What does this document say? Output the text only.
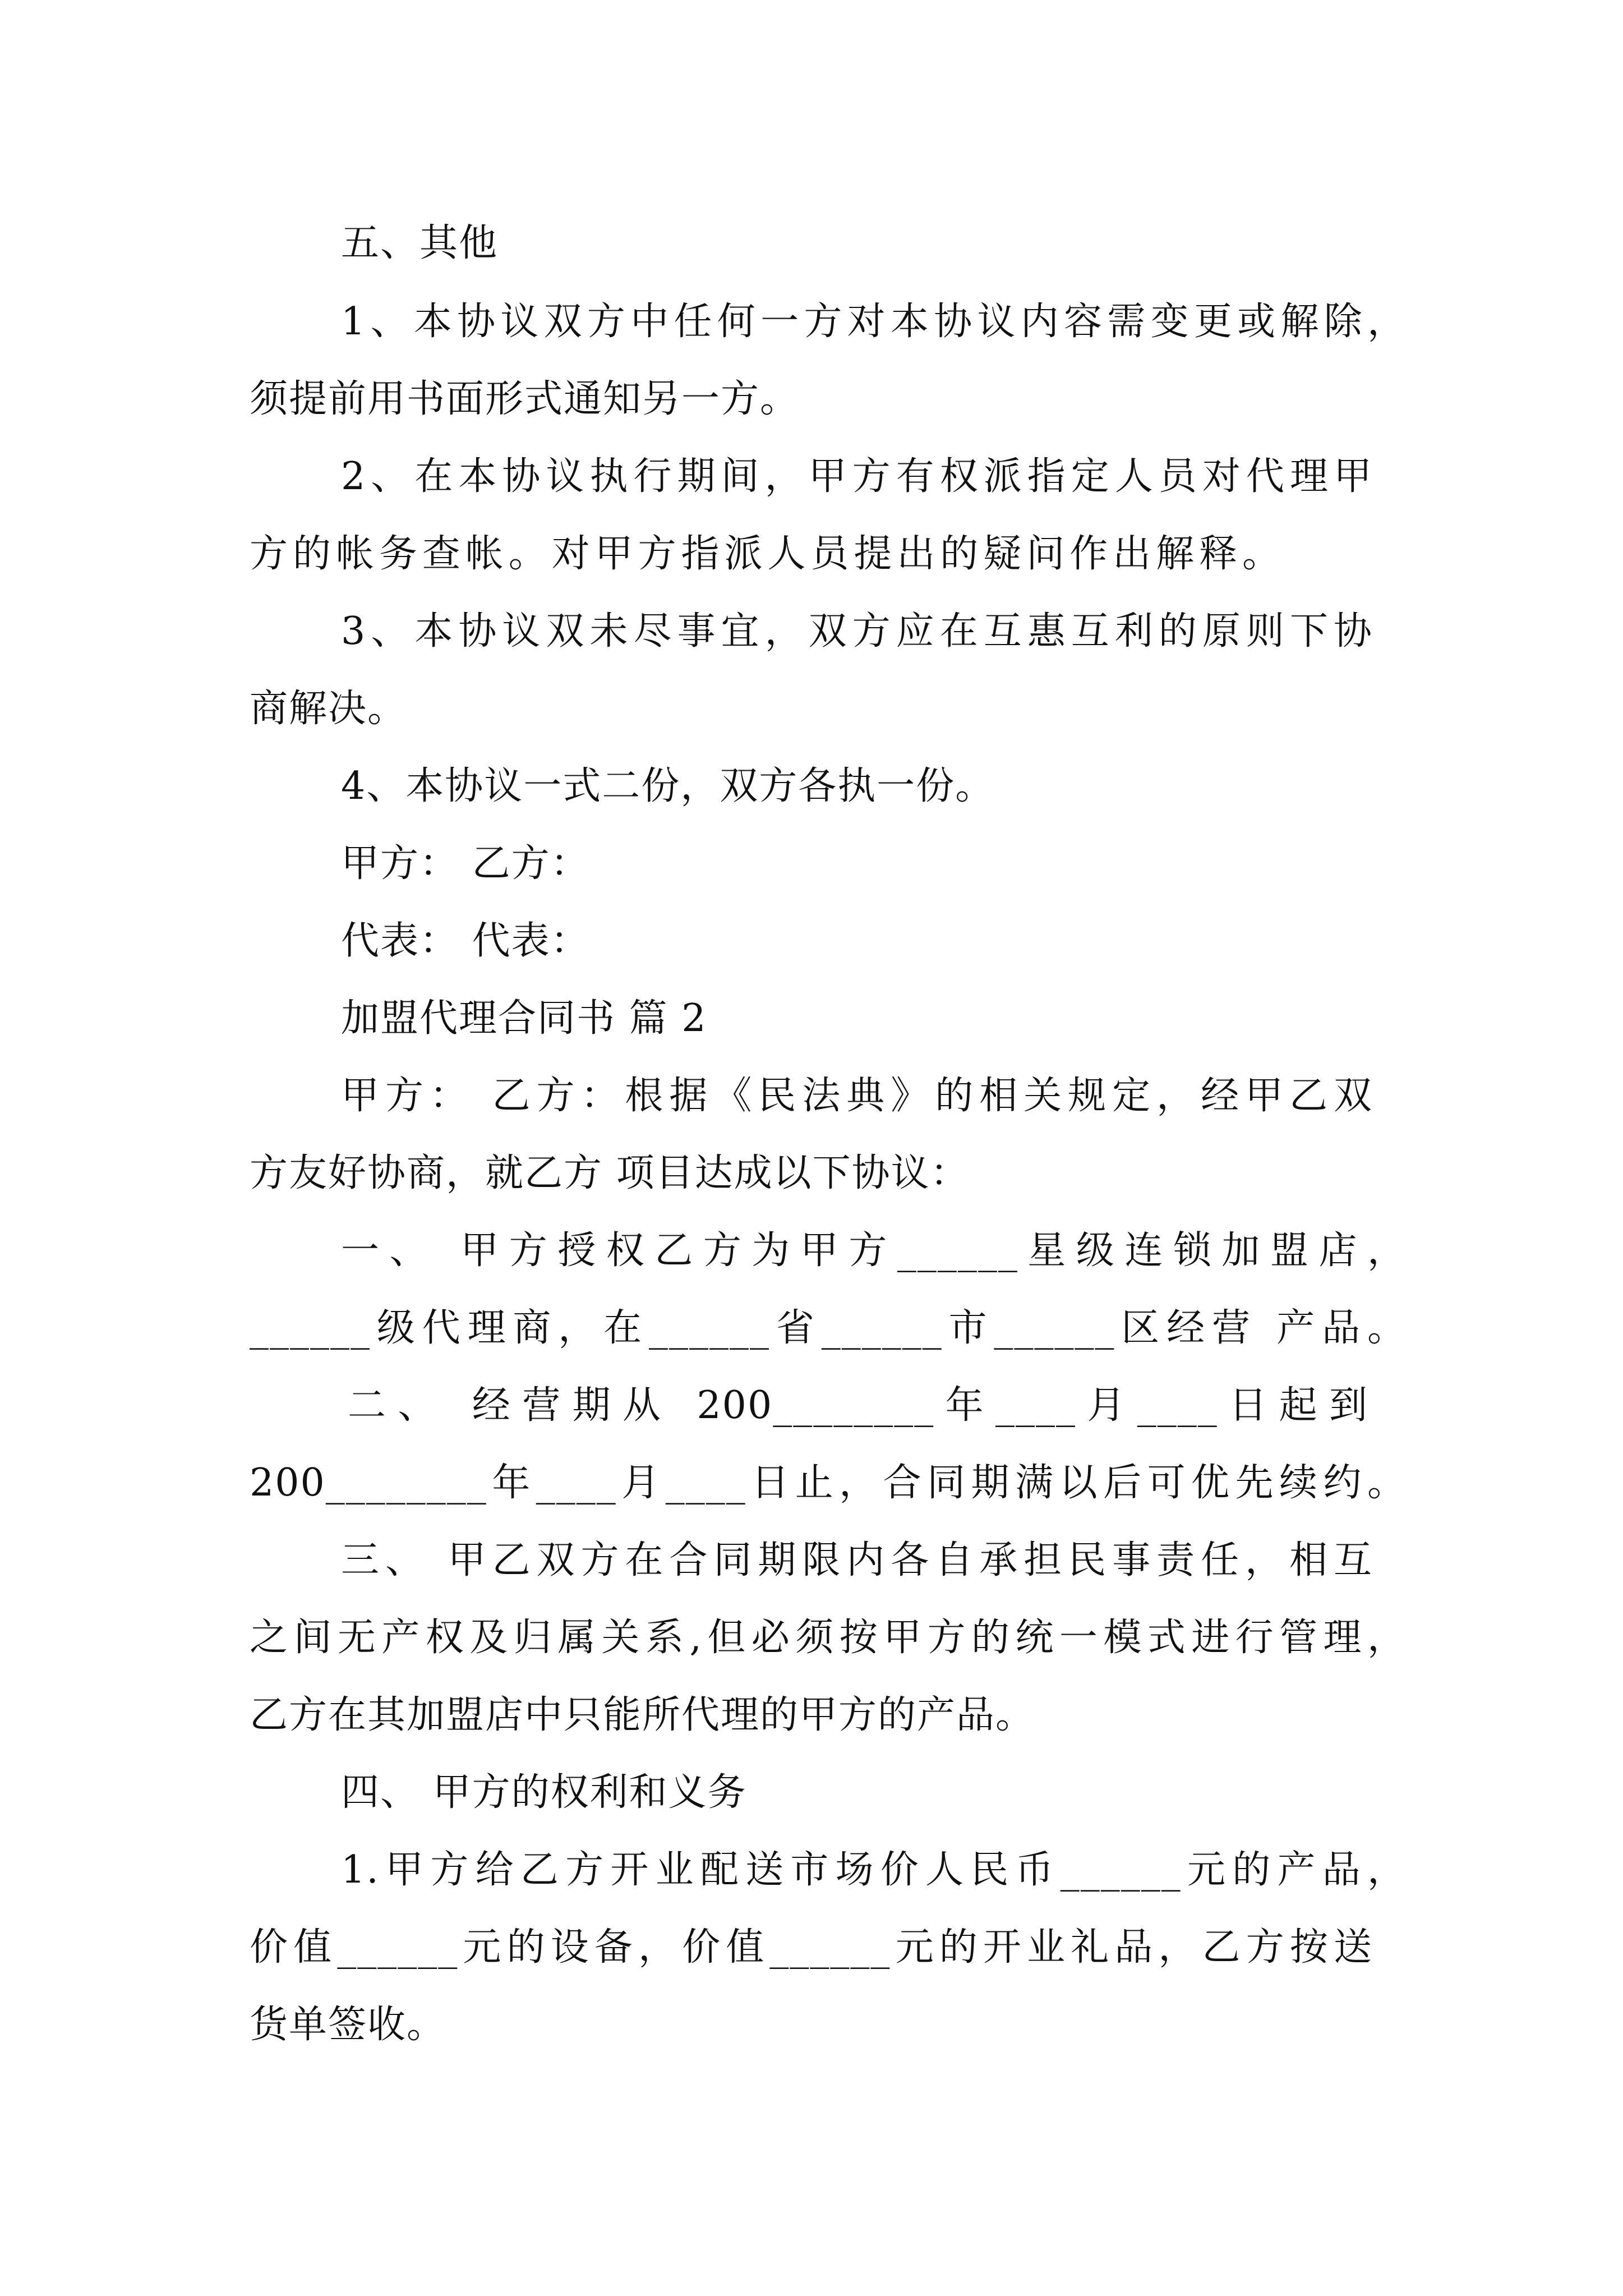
五、其他
1、本协议双方中任何一方对本协议内容需变更或解除，
须提前用书面形式通知另一方。
2、在本协议执行期间，甲方有权派指定人员对代理甲
方的帐务查帐。对甲方指派人员提出的疑问作出解释。
3、本协议双未尽事宜，双方应在互惠互利的原则下协
商解决。
4、本协议一式二份，双方各执一份。
甲方： 乙方：
代表： 代表：
加盟代理合同书 篇 2
甲方： 乙方：根据《民法典》的相关规定，经甲乙双
方友好协商，就乙方 项目达成以下协议：
一、 甲方授权乙方为甲方______星级连锁加盟店，
______级代理商，在______省______市______区经营 产品。
二、 经营期从 200________年____月____日起到
200________年____月____日止，合同期满以后可优先续约。
三、 甲乙双方在合同期限内各自承担民事责任，相互
之间无产权及归属关系,但必须按甲方的统一模式进行管理，
乙方在其加盟店中只能所代理的甲方的产品。
四、 甲方的权利和义务
1.甲方给乙方开业配送市场价人民币______元的产品，
价值______元的设备，价值______元的开业礼品，乙方按送
货单签收。
